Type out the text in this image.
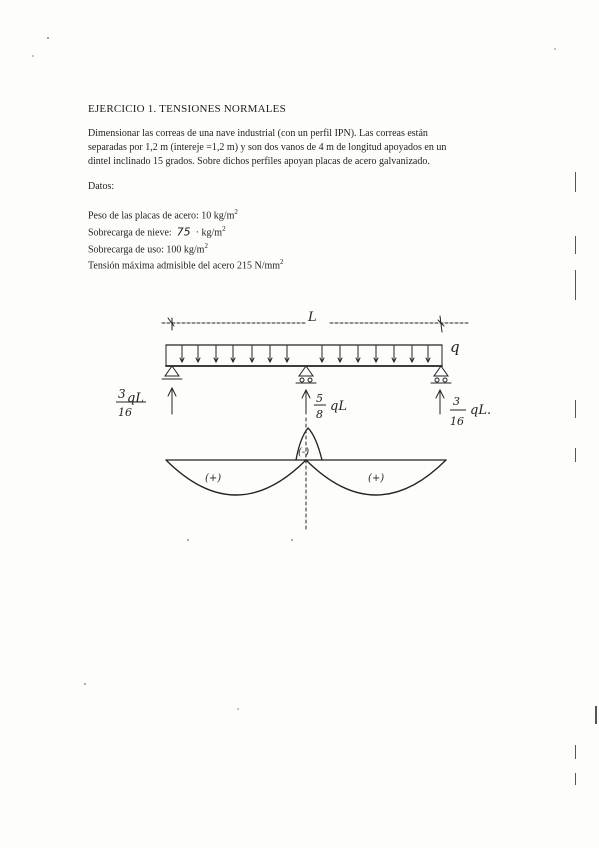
EJERCICIO 1. TENSIONES NORMALES
Dimensionar las correas de una nave industrial (con un perfil IPN). Las correas están
separadas por 1,2 m (intereje =1,2 m) y son dos vanos de 4 m de longitud apoyados en un
dintel inclinado 15 grados. Sobre dichos perfiles apoyan placas de acero galvanizado.
Datos:
Peso de las placas de acero: 10 $kg/m^2$
Sobrecarga de nieve: $75 \cdot kg/m^2$
Sobrecarga de uso: 100 $kg/m^2$
Tensión máxima admisible del acero 215 $N/mm^2$
L
q
3
16
qL	5
8
qL	3
16
qL.
(-)
(+)	(+)
